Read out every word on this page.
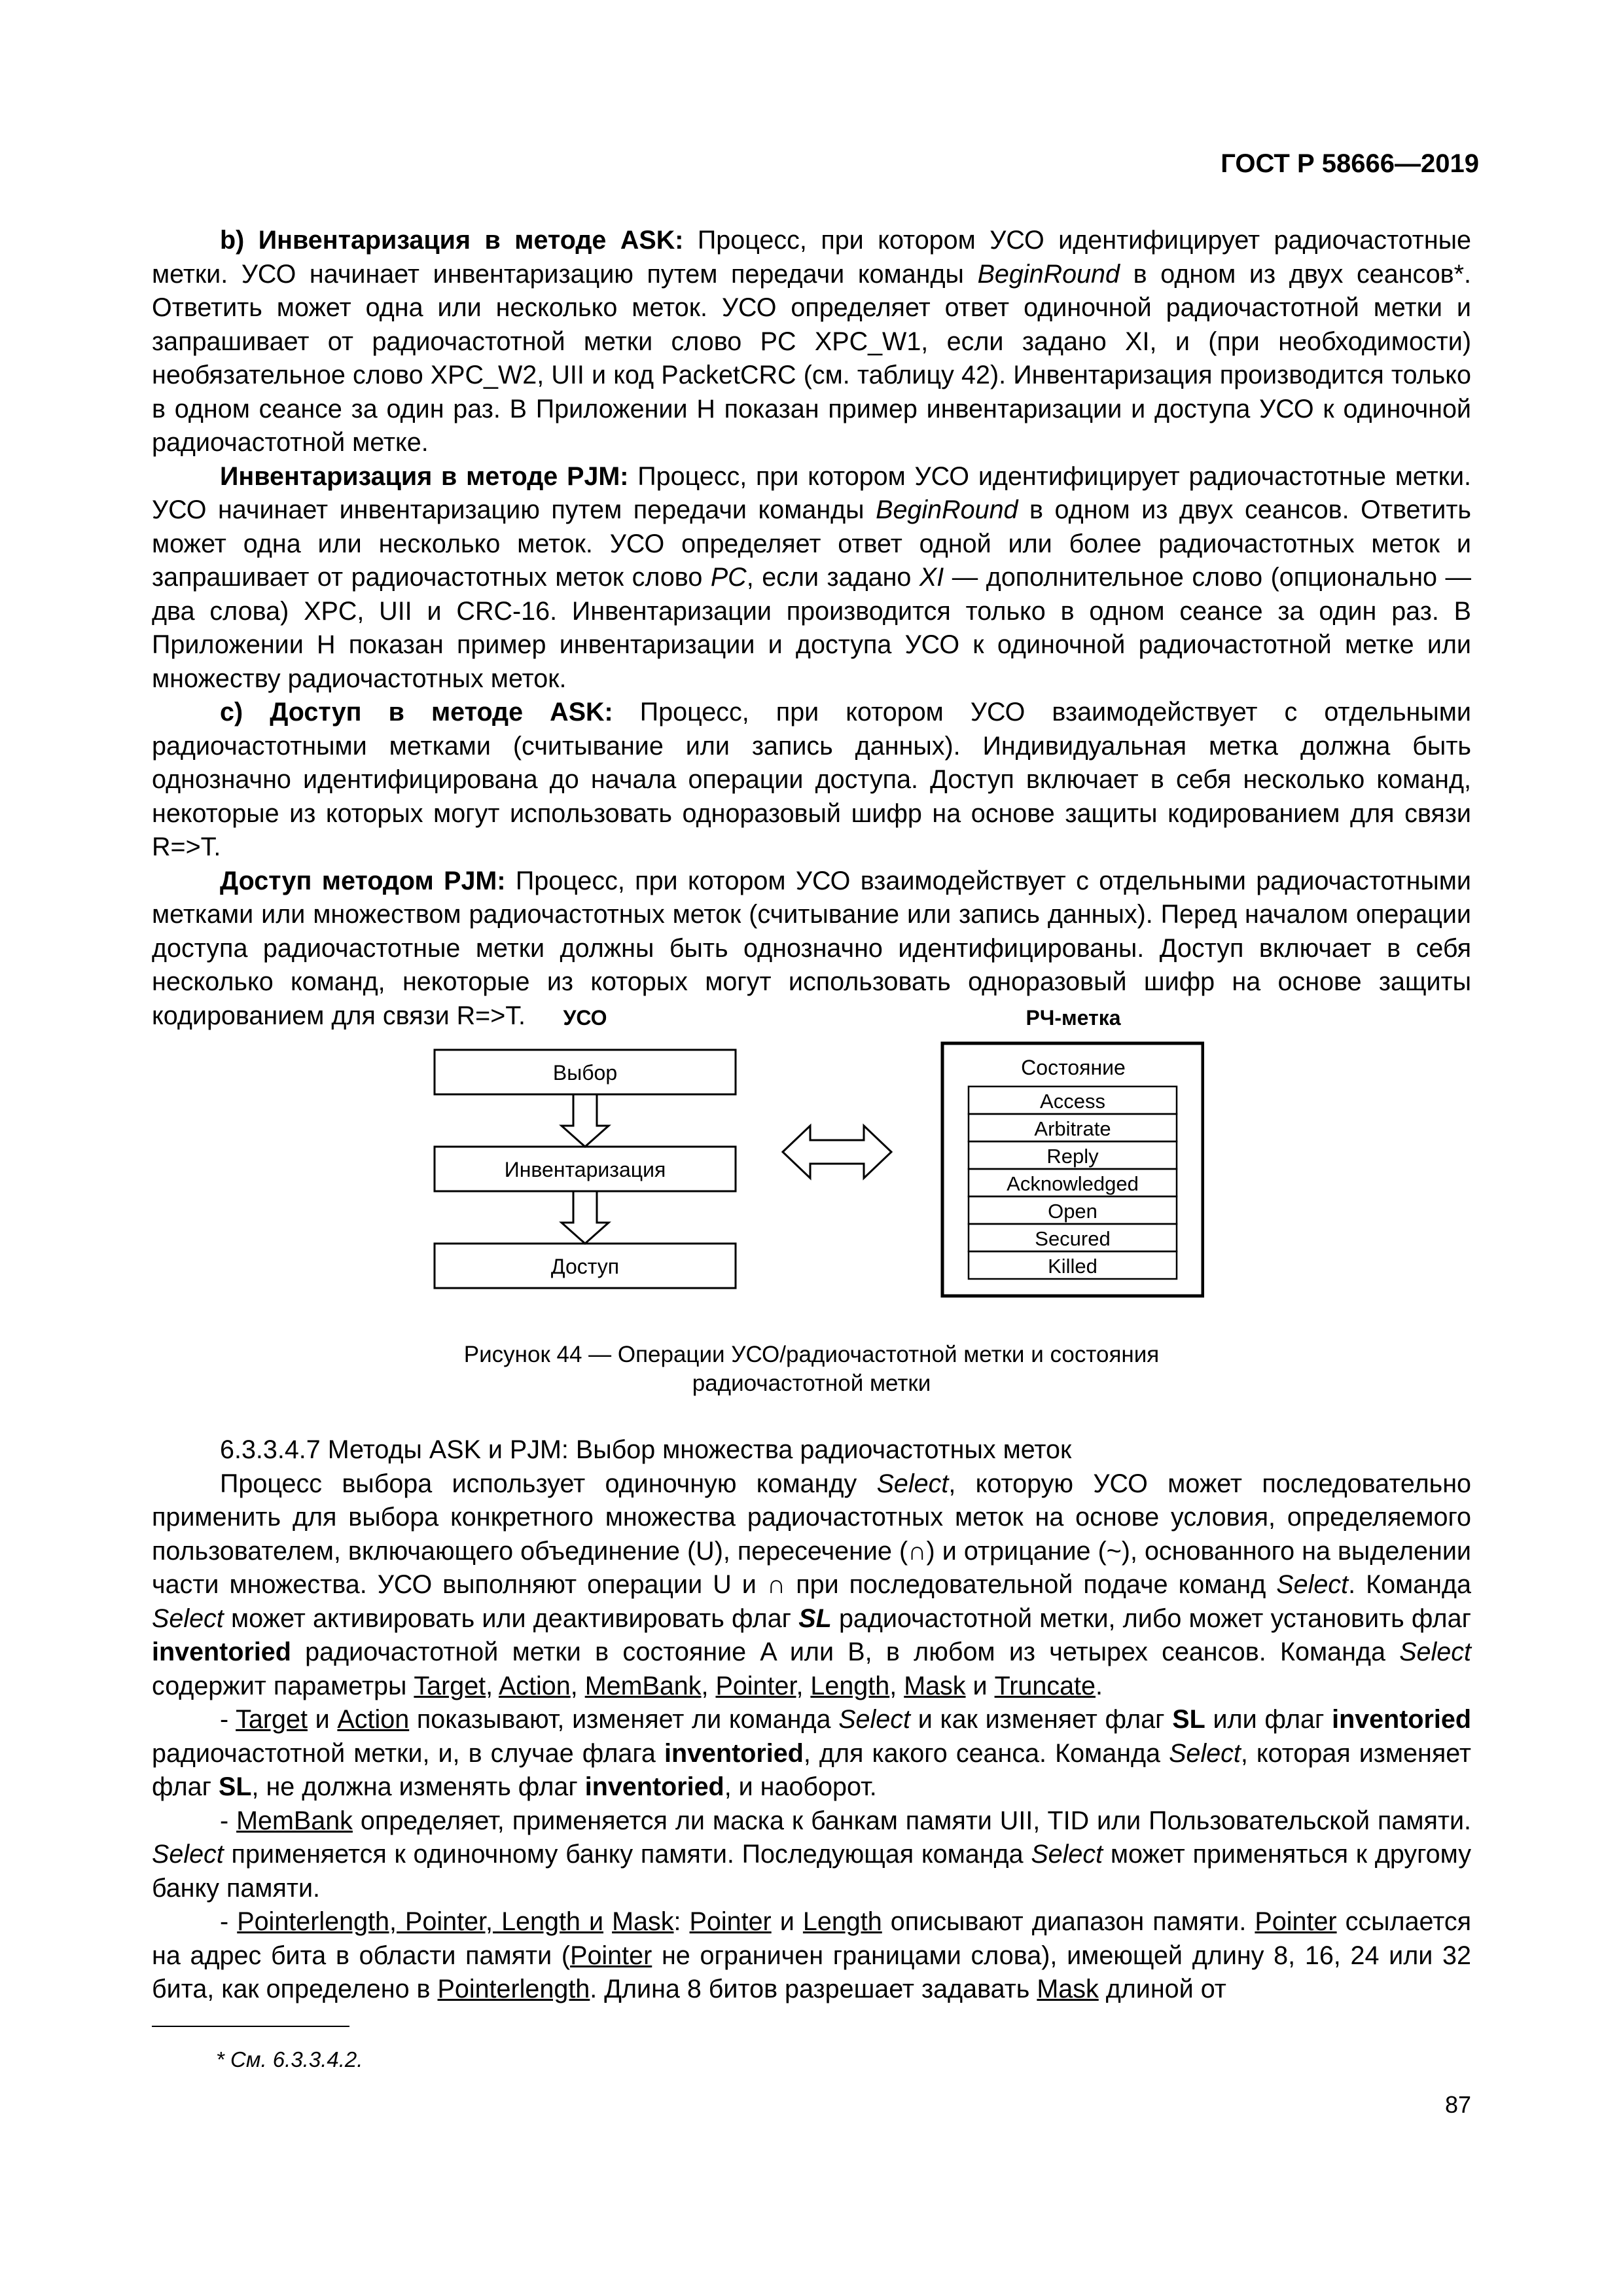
ГОСТ Р 58666—2019

b) Инвентаризация в методе ASK: Процесс, при котором УСО идентифицирует радиочастотные метки. УСО начинает инвентаризацию путем передачи команды BeginRound в одном из двух сеансов*. Ответить может одна или несколько меток. УСО определяет ответ одиночной радиочастотной метки и запрашивает от радиочастотной метки слово PC XPC_W1, если задано XI, и (при необходимости) необязательное слово XPC_W2, UII и код PacketCRC (см. таблицу 42). Инвентаризация производится только в одном сеансе за один раз. В Приложении H показан пример инвентаризации и доступа УСО к одиночной радиочастотной метке.

Инвентаризация в методе PJM: Процесс, при котором УСО идентифицирует радиочастотные метки. УСО начинает инвентаризацию путем передачи команды BeginRound в одном из двух сеансов. Ответить может одна или несколько меток. УСО определяет ответ одной или более радиочастотных меток и запрашивает от радиочастотных меток слово PC, если задано XI — дополнительное слово (опционально — два слова) XPC, UII и CRC-16. Инвентаризации производится только в одном сеансе за один раз. В Приложении H показан пример инвентаризации и доступа УСО к одиночной радиочастотной метке или множеству радиочастотных меток.

c) Доступ в методе ASK: Процесс, при котором УСО взаимодействует с отдельными радиочастотными метками (считывание или запись данных). Индивидуальная метка должна быть однозначно идентифицирована до начала операции доступа. Доступ включает в себя несколько команд, некоторые из которых могут использовать одноразовый шифр на основе защиты кодированием для связи R=>T.

Доступ методом PJM: Процесс, при котором УСО взаимодействует с отдельными радиочастотными метками или множеством радиочастотных меток (считывание или запись данных). Перед началом операции доступа радиочастотные метки должны быть однозначно идентифицированы. Доступ включает в себя несколько команд, некоторые из которых могут использовать одноразовый шифр на основе защиты кодированием для связи R=>T.	УСО	РЧ-метка
Выбор
Инвентаризация
Доступ
Состояние
Access
Arbitrate
Reply
Acknowledged
Open
Secured
Killed
Рисунок 44 — Операции УСО/радиочастотной метки и состояния
радиочастотной метки

6.3.3.4.7 Методы ASK и PJM: Выбор множества радиочастотных меток

Процесс выбора использует одиночную команду Select, которую УСО может последовательно применить для выбора конкретного множества радиочастотных меток на основе условия, определяемого пользователем, включающего объединение (U), пересечение (∩) и отрицание (~), основанного на выделении части множества. УСО выполняют операции U и ∩ при последовательной подаче команд Select. Команда Select может активировать или деактивировать флаг SL радиочастотной метки, либо может установить флаг inventoried радиочастотной метки в состояние A или B, в любом из четырех сеансов. Команда Select содержит параметры Target, Action, MemBank, Pointer, Length, Mask и Truncate.

- Target и Action показывают, изменяет ли команда Select и как изменяет флаг SL или флаг inventoried радиочастотной метки, и, в случае флага inventoried, для какого сеанса. Команда Select, которая изменяет флаг SL, не должна изменять флаг inventoried, и наоборот.

- MemBank определяет, применяется ли маска к банкам памяти UII, TID или Пользовательской памяти. Select применяется к одиночному банку памяти. Последующая команда Select может применяться к другому банку памяти.

- Pointerlength, Pointer, Length и Mask: Pointer и Length описывают диапазон памяти. Pointer ссылается на адрес бита в области памяти (Pointer не ограничен границами слова), имеющей длину 8, 16, 24 или 32 бита, как определено в Pointerlength. Длина 8 битов разрешает задавать Mask длиной от

* См. 6.3.3.4.2.
87
